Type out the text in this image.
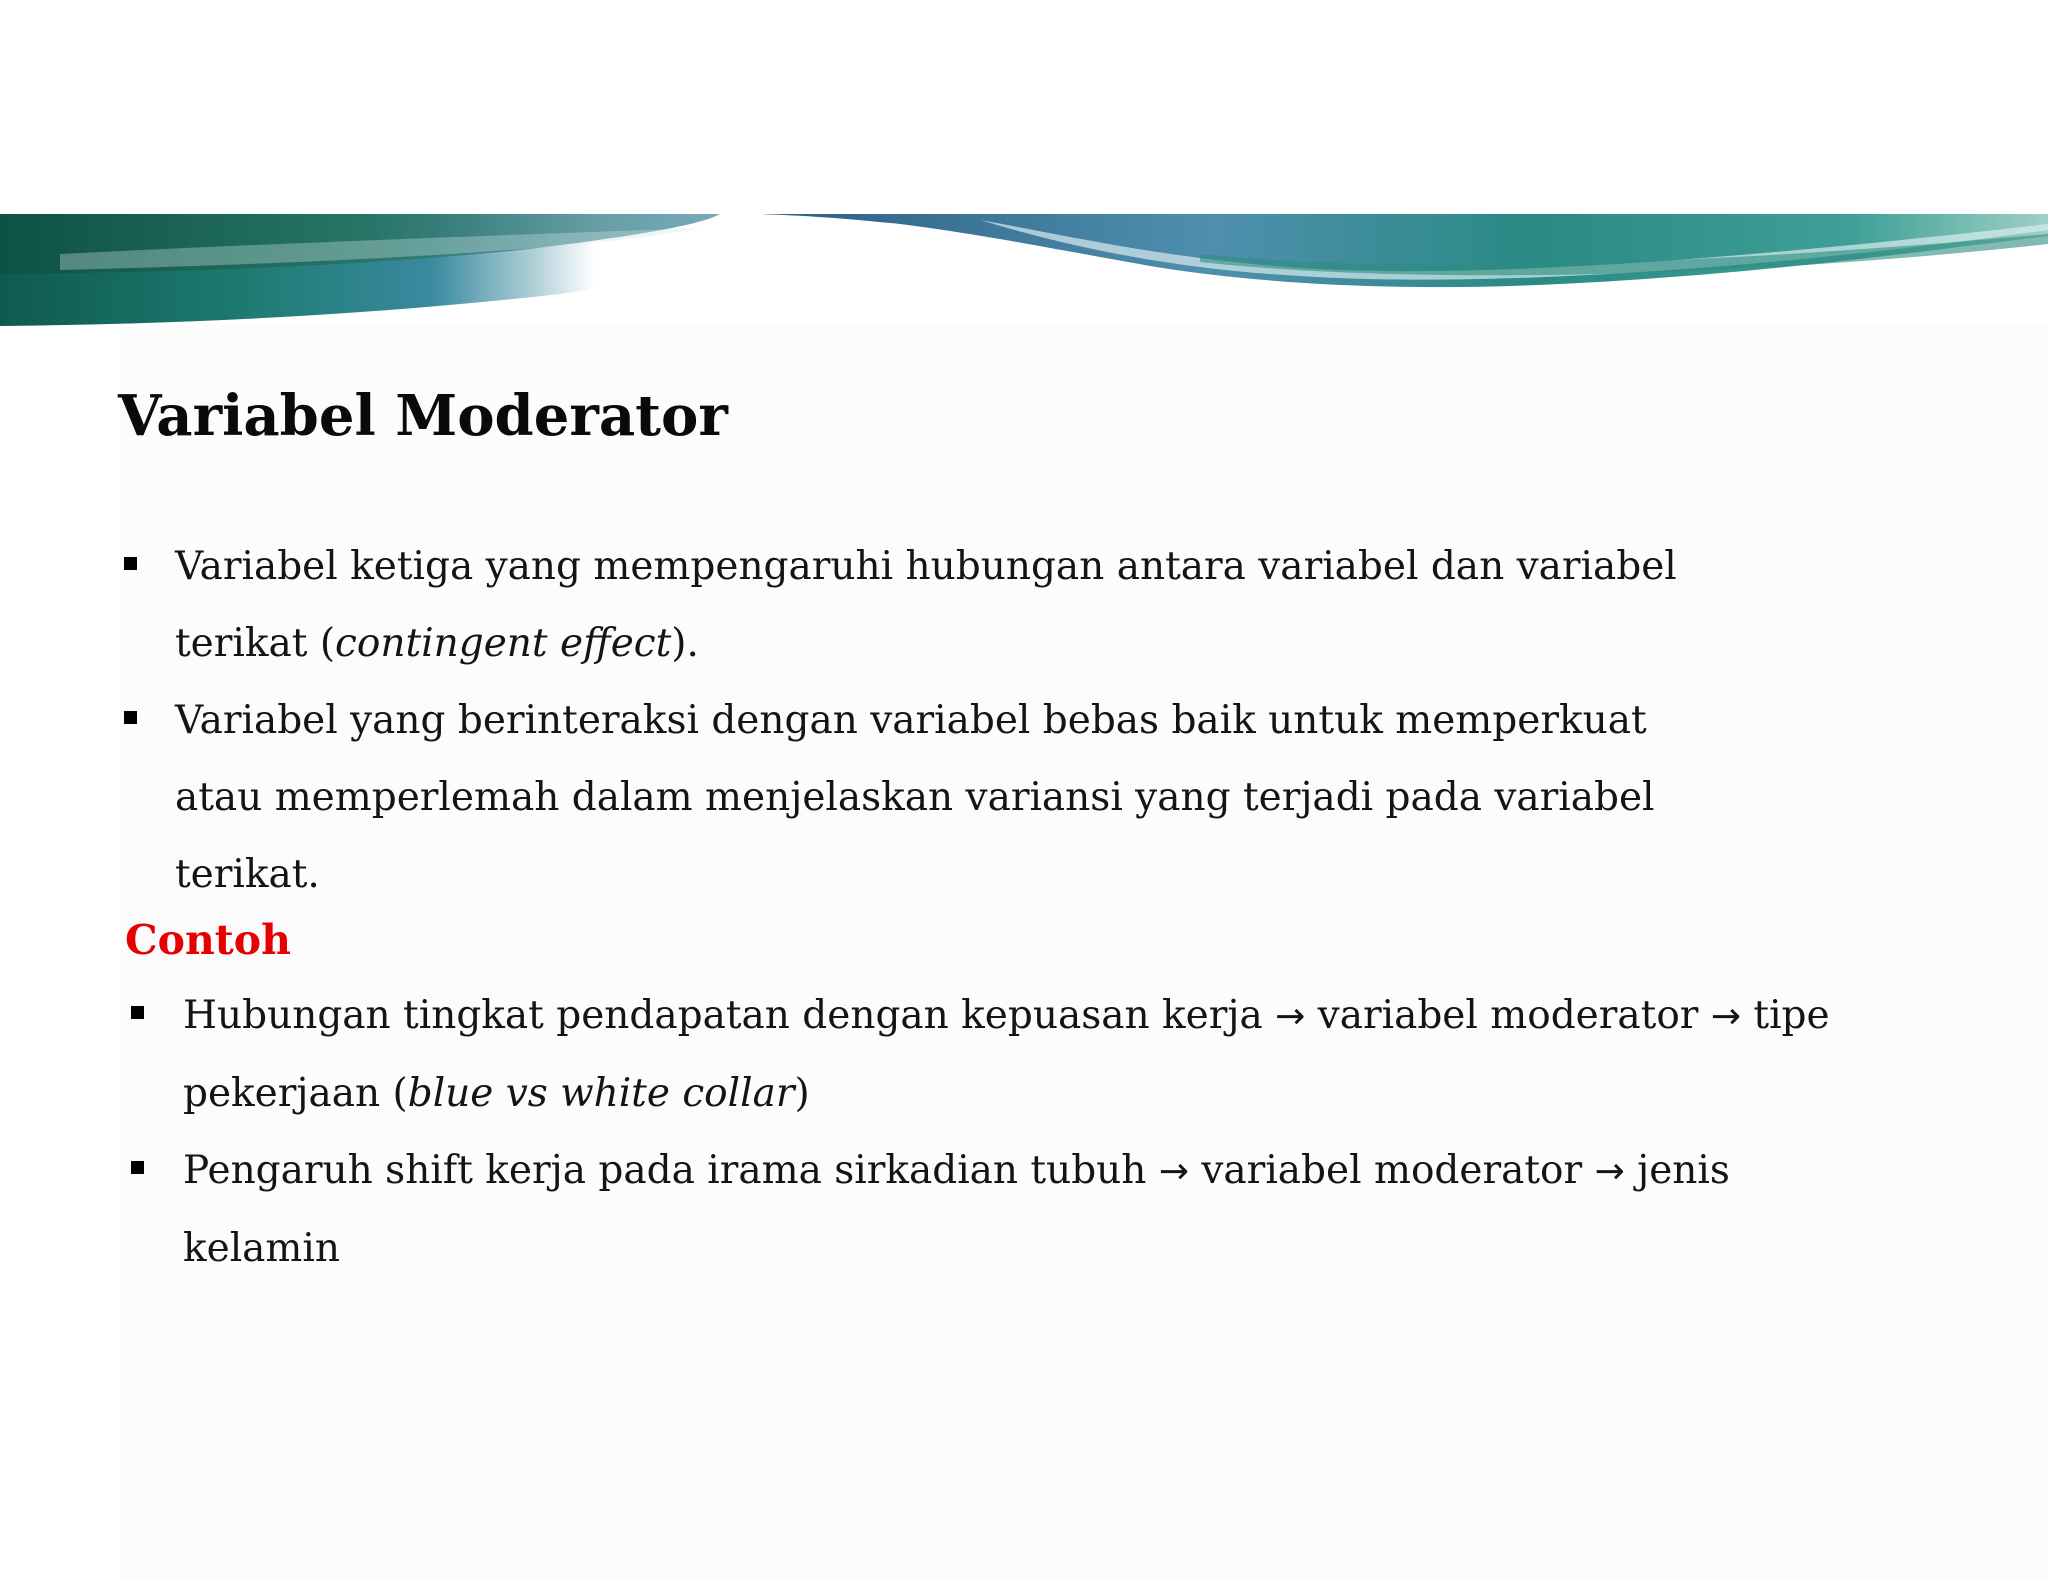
Variabel Moderator
Variabel ketiga yang mempengaruhi hubungan antara variabel dan variabel
terikat (contingent effect).
Variabel yang berinteraksi dengan variabel bebas baik untuk memperkuat
atau memperlemah dalam menjelaskan variansi yang terjadi pada variabel
terikat.
Contoh
Hubungan tingkat pendapatan dengan kepuasan kerja → variabel moderator → tipe
pekerjaan (blue vs white collar)
Pengaruh shift kerja pada irama sirkadian tubuh → variabel moderator → jenis
kelamin
